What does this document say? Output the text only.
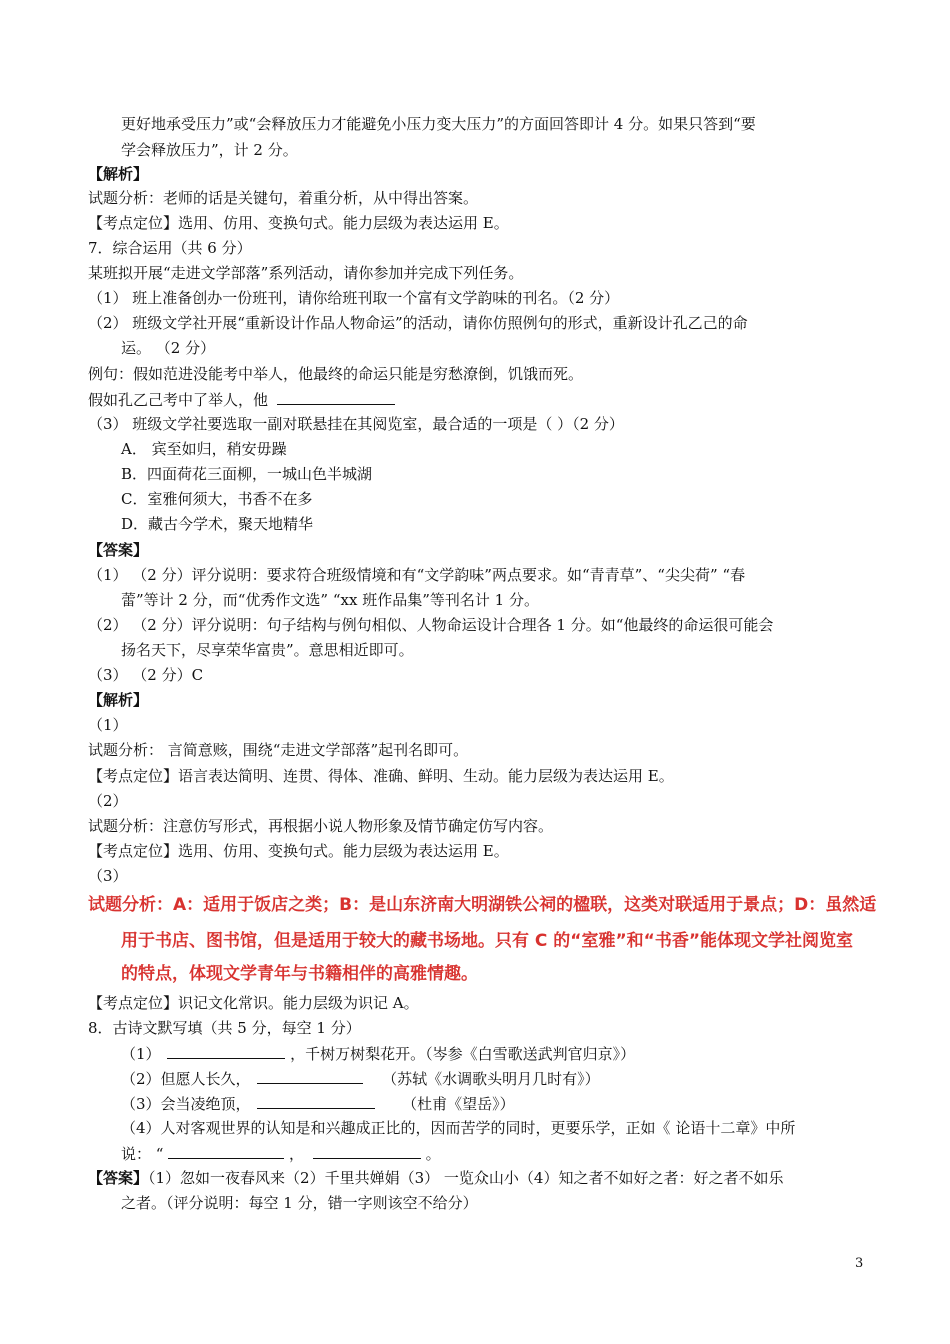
更好地承受压力”或“会释放压力才能避免小压力变大压力”的方面回答即计 4 分。如果只答到“要
学会释放压力”，计 2 分。
【解析】
试题分析：老师的话是关键句，着重分析，从中得出答案。
【考点定位】选用、仿用、变换句式。能力层级为表达运用 E。
7．综合运用（共 6 分）
某班拟开展“走进文学部落”系列活动，请你参加并完成下列任务。
（1） 班上准备创办一份班刊，请你给班刊取一个富有文学韵味的刊名。（2 分）
（2） 班级文学社开展“重新设计作品人物命运”的活动，请你仿照例句的形式，重新设计孔乙己的命
运。 （2 分）
例句：假如范进没能考中举人，他最终的命运只能是穷愁潦倒，饥饿而死。
假如孔乙己考中了举人，他
（3） 班级文学社要选取一副对联悬挂在其阅览室，最合适的一项是（ ）（2 分）
A． 宾至如归，稍安毋躁
B．四面荷花三面柳，一城山色半城湖
C．室雅何须大，书香不在多
D．藏古今学术，聚天地精华
【答案】
（1） （2 分）评分说明：要求符合班级情境和有“文学韵味”两点要求。如“青青草”、“尖尖荷” “春
蕾”等计 2 分，而“优秀作文选” “xx 班作品集”等刊名计 1 分。
（2） （2 分）评分说明：句子结构与例句相似、人物命运设计合理各 1 分。如“他最终的命运很可能会
扬名天下，尽享荣华富贵”。意思相近即可。
（3） （2 分）C
【解析】
（1）
试题分析： 言简意赅，围绕“走进文学部落”起刊名即可。
【考点定位】语言表达简明、连贯、得体、准确、鲜明、生动。能力层级为表达运用 E。
（2）
试题分析：注意仿写形式，再根据小说人物形象及情节确定仿写内容。
【考点定位】选用、仿用、变换句式。能力层级为表达运用 E。
（3）
试题分析：A：适用于饭店之类；B：是山东济南大明湖铁公祠的楹联，这类对联适用于景点；D：虽然适
用于书店、图书馆，但是适用于较大的藏书场地。只有 C 的“室雅”和“书香”能体现文学社阅览室
的特点，体现文学青年与书籍相伴的高雅情趣。
【考点定位】识记文化常识。能力层级为识记 A。
8．古诗文默写填（共 5 分，每空 1 分）
（1）	，千树万树梨花开。（岑参《白雪歌送武判官归京》）
（2）但愿人长久，	（苏轼《水调歌头明月几时有》）
（3）会当凌绝顶，	（杜甫《望岳》）
（4）人对客观世界的认知是和兴趣成正比的，因而苦学的同时，更要乐学，正如《 论语十二章》中所
说： “	，	。
【答案】（1）忽如一夜春风来（2）千里共婵娟（3） 一览众山小（4）知之者不如好之者：好之者不如乐
之者。（评分说明：每空 1 分，错一字则该空不给分）
3
